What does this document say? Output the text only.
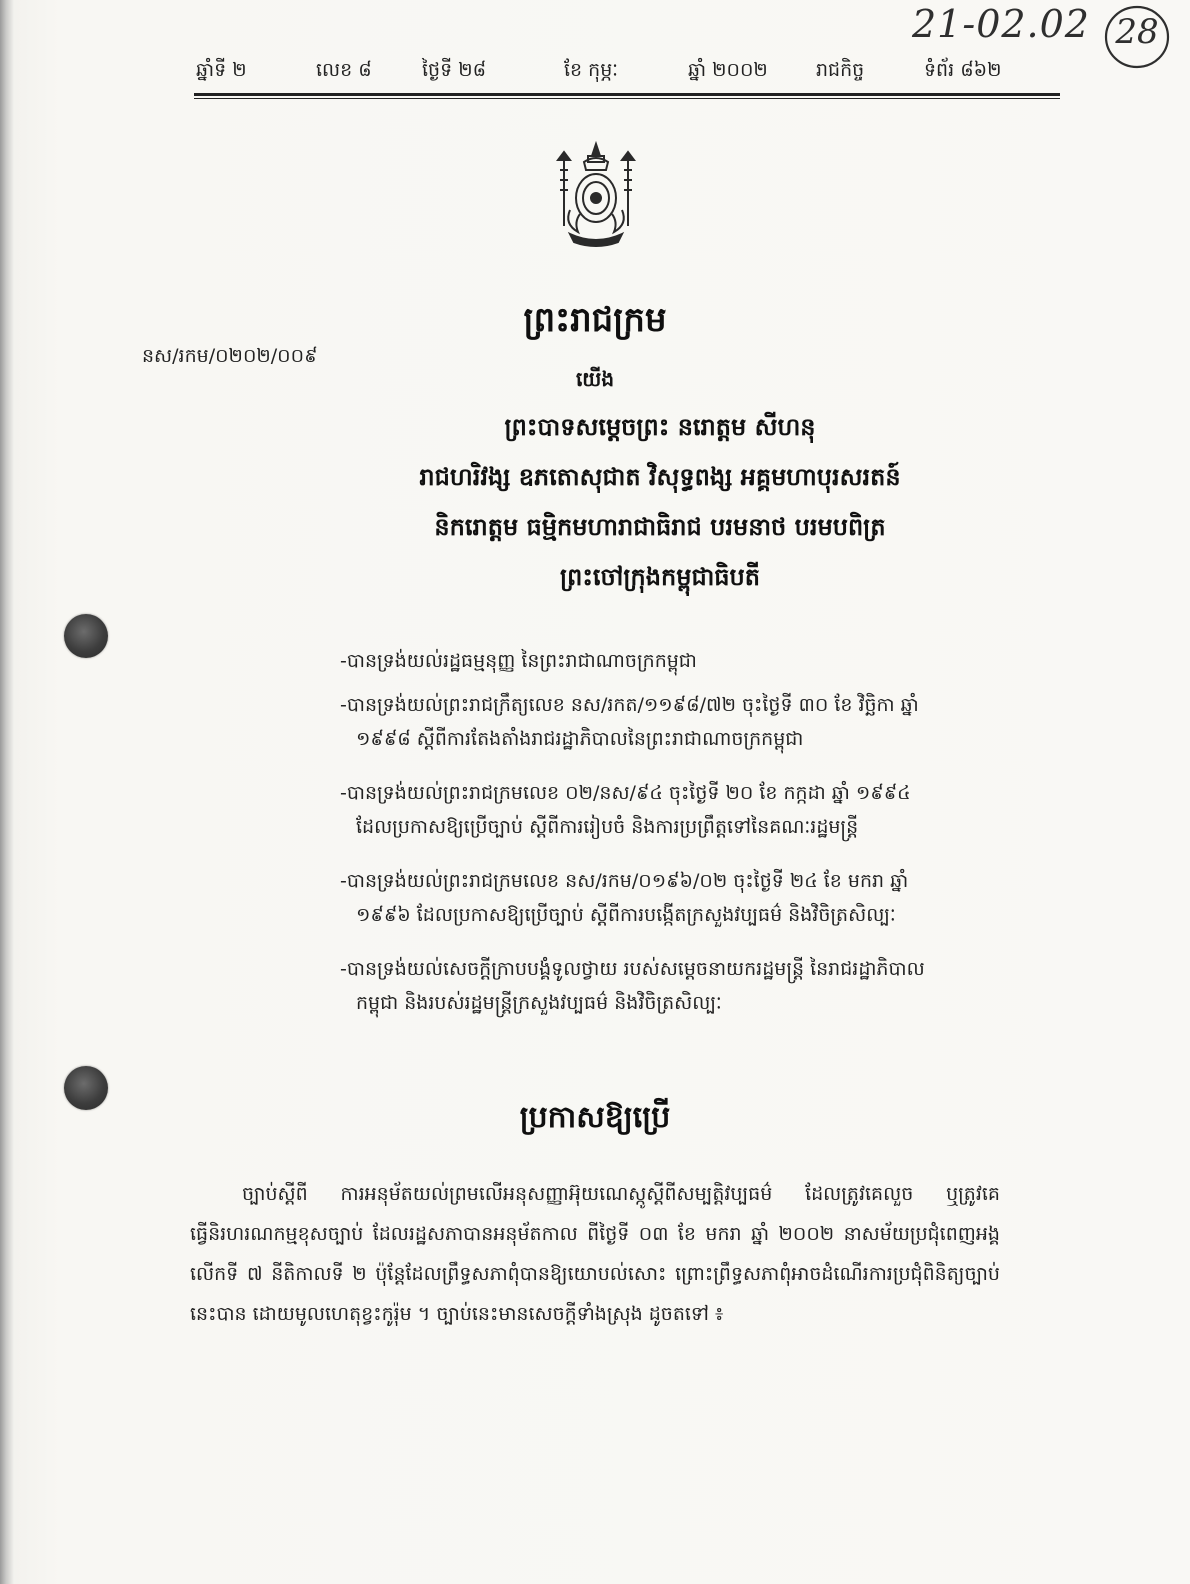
21-02.02 28
ឆ្នាំទី ២	លេខ ៨	ថ្ងៃទី ២៨	ខែ កុម្ភៈ	ឆ្នាំ ២០០២	រាជកិច្ច	ទំព័រ ៨៦២
ព្រះរាជក្រម
នស/រកម/០២០២/០០៩
យើង
ព្រះបាទសម្តេចព្រះ នរោត្តម សីហនុ
រាជហរិវង្ស ឧភតោសុជាត វិសុទ្ធពង្ស អគ្គមហាបុរសរតន៍
និករោត្តម ធម្មិកមហារាជាធិរាជ បរមនាថ បរមបពិត្រ
ព្រះចៅក្រុងកម្ពុជាធិបតី
-បានទ្រង់យល់រដ្ឋធម្មនុញ្ញ នៃព្រះរាជាណាចក្រកម្ពុជា
-បានទ្រង់យល់ព្រះរាជក្រឹត្យលេខ នស/រកត/១១៩៨/៧២ ចុះថ្ងៃទី ៣០ ខែ វិច្ឆិកា ឆ្នាំ
១៩៩៨ ស្តីពីការតែងតាំងរាជរដ្ឋាភិបាលនៃព្រះរាជាណាចក្រកម្ពុជា
-បានទ្រង់យល់ព្រះរាជក្រមលេខ ០២/នស/៩៤ ចុះថ្ងៃទី ២០ ខែ កក្កដា ឆ្នាំ ១៩៩៤
ដែលប្រកាសឱ្យប្រើច្បាប់ ស្តីពីការរៀបចំ និងការប្រព្រឹត្តទៅនៃគណៈរដ្ឋមន្ត្រី
-បានទ្រង់យល់ព្រះរាជក្រមលេខ នស/រកម/០១៩៦/០២ ចុះថ្ងៃទី ២៤ ខែ មករា ឆ្នាំ
១៩៩៦ ដែលប្រកាសឱ្យប្រើច្បាប់ ស្តីពីការបង្កើតក្រសួងវប្បធម៌ និងវិចិត្រសិល្បៈ
-បានទ្រង់យល់សេចក្តីក្រាបបង្គំទូលថ្វាយ របស់សម្តេចនាយករដ្ឋមន្ត្រី នៃរាជរដ្ឋាភិបាល
កម្ពុជា និងរបស់រដ្ឋមន្ត្រីក្រសួងវប្បធម៌ និងវិចិត្រសិល្បៈ
ប្រកាសឱ្យប្រើ
ច្បាប់ស្តីពី ការអនុម័តយល់ព្រមលើអនុសញ្ញាអ៊ុយណេស្កូស្តីពីសម្បត្តិវប្បធម៌ ដែលត្រូវគេលួច ឬត្រូវគេធ្វើនិរហរណកម្មខុសច្បាប់ ដែលរដ្ឋសភាបានអនុម័តកាល ពីថ្ងៃទី ០៣ ខែ មករា ឆ្នាំ ២០០២ នាសម័យប្រជុំពេញអង្គលើកទី ៧ នីតិកាលទី ២ ប៉ុន្តែដែលព្រឹទ្ធសភាពុំបានឱ្យយោបល់សោះ ព្រោះព្រឹទ្ធសភាពុំអាចដំណើរការប្រជុំពិនិត្យច្បាប់នេះបាន ដោយមូលហេតុខ្វះកូរ៉ុម ។ ច្បាប់នេះមានសេចក្តីទាំងស្រុង ដូចតទៅ ៖
